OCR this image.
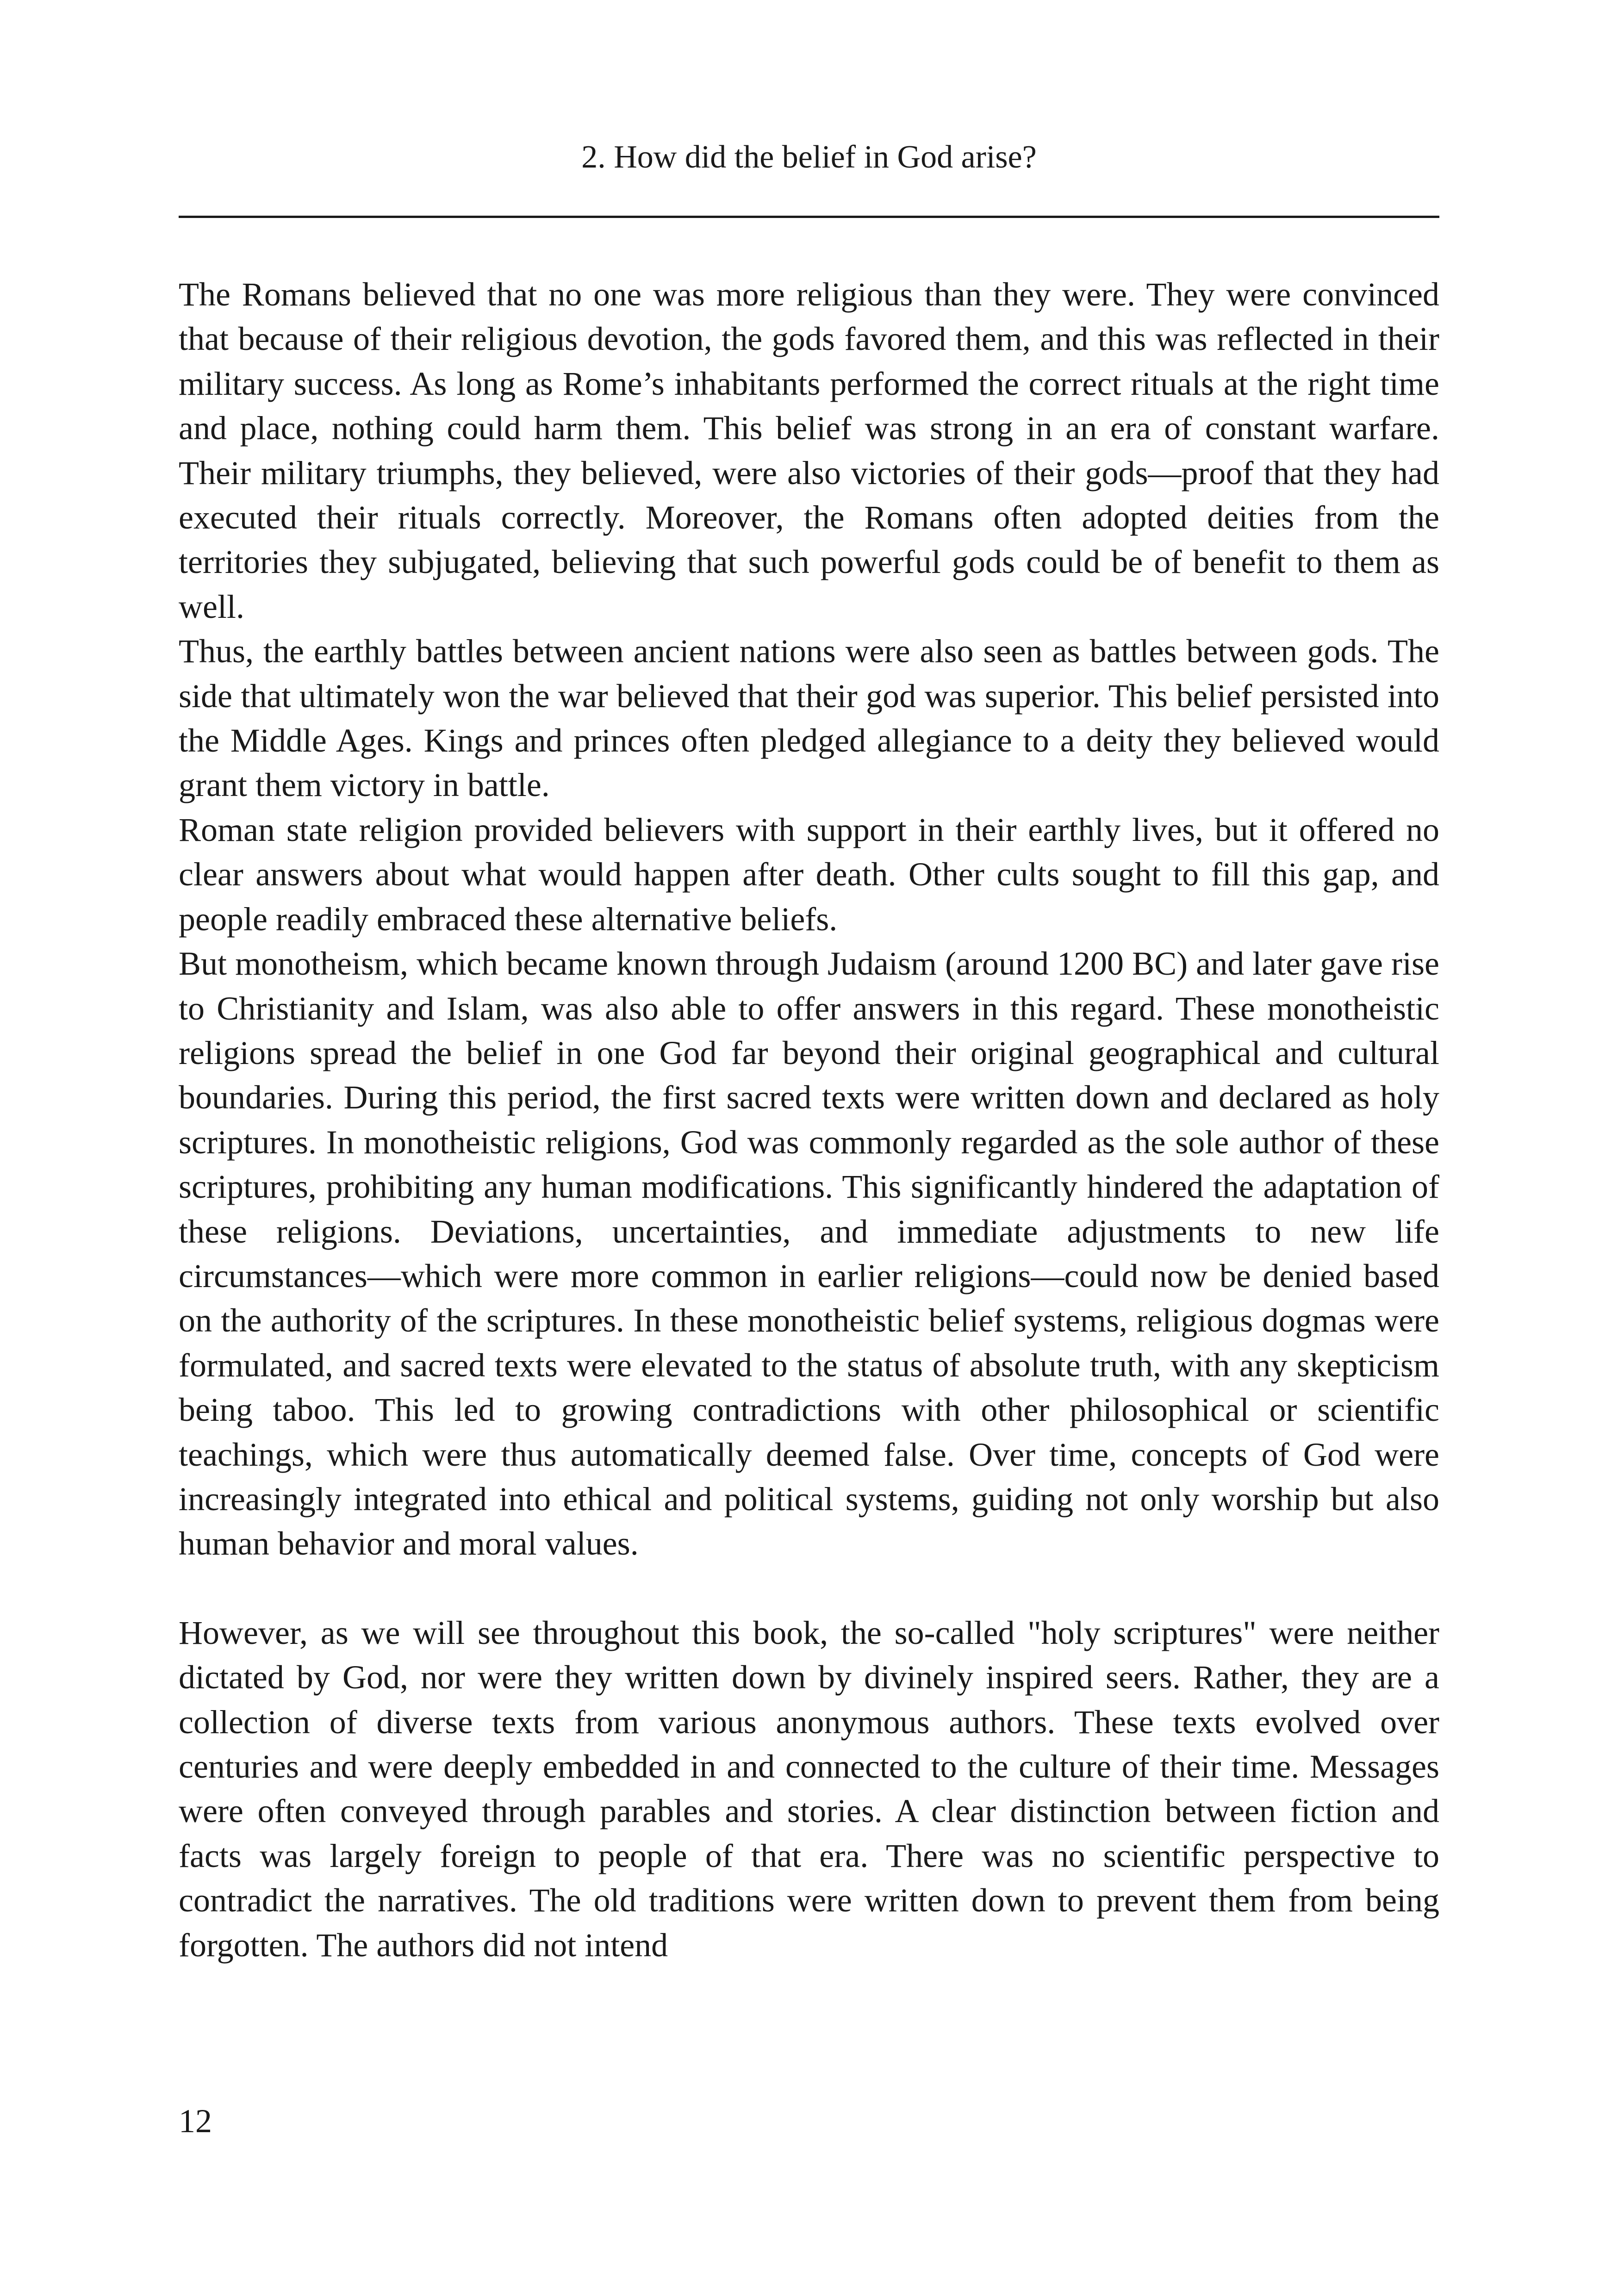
2. How did the belief in God arise?

The Romans believed that no one was more religious than they were. They were convinced that because of their religious devotion, the gods favored them, and this was reflected in their military success. As long as Rome’s inhabitants performed the correct rituals at the right time and place, nothing could harm them. This belief was strong in an era of constant warfare. Their military triumphs, they believed, were also victories of their gods—proof that they had executed their rituals correctly. Moreover, the Romans often adopted deities from the territories they subjugated, believing that such powerful gods could be of benefit to them as well.

Thus, the earthly battles between ancient nations were also seen as battles between gods. The side that ultimately won the war believed that their god was superior. This belief persisted into the Middle Ages. Kings and princes often pledged allegiance to a deity they believed would grant them victory in battle.

Roman state religion provided believers with support in their earthly lives, but it offered no clear answers about what would happen after death. Other cults sought to fill this gap, and people readily embraced these alternative beliefs.

But monotheism, which became known through Judaism (around 1200 BC) and later gave rise to Christianity and Islam, was also able to offer answers in this regard. These monotheistic religions spread the belief in one God far beyond their original geographical and cultural boundaries. During this period, the first sacred texts were written down and declared as holy scriptures. In monotheistic religions, God was commonly regarded as the sole author of these scriptures, prohibiting any human modifications. This significantly hindered the adaptation of these religions. Deviations, uncertainties, and immediate adjustments to new life circumstances—which were more common in earlier religions—could now be denied based on the authority of the scriptures. In these monotheistic belief systems, religious dogmas were formulated, and sacred texts were elevated to the status of absolute truth, with any skepticism being taboo. This led to growing contradictions with other philosophical or scientific teachings, which were thus automatically deemed false. Over time, concepts of God were increasingly integrated into ethical and political systems, guiding not only worship but also human behavior and moral values.

However, as we will see throughout this book, the so-called "holy scriptures" were neither dictated by God, nor were they written down by divinely inspired seers. Rather, they are a collection of diverse texts from various anonymous authors. These texts evolved over centuries and were deeply embedded in and connected to the culture of their time. Messages were often conveyed through parables and stories. A clear distinction between fiction and facts was largely foreign to people of that era. There was no scientific perspective to contradict the narratives. The old traditions were written down to prevent them from being forgotten. The authors did not intend

12
